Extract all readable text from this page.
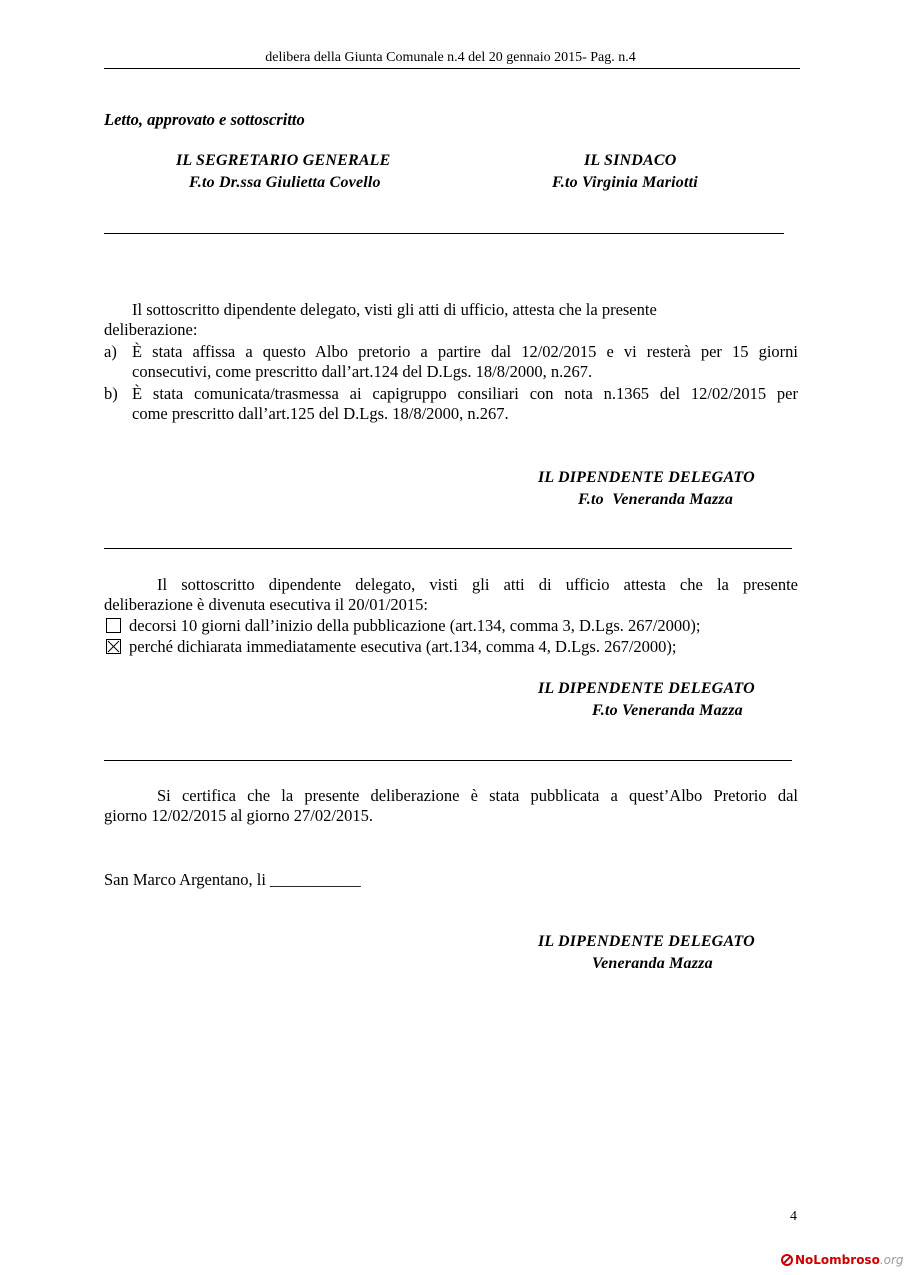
delibera della Giunta Comunale n.4 del 20 gennaio 2015- Pag. n.4
Letto, approvato e sottoscritto
IL SEGRETARIO GENERALE
F.to Dr.ssa Giulietta Covello
IL SINDACO
F.to Virginia Mariotti
Il sottoscritto dipendente delegato, visti gli atti di ufficio, attesta che la presente
deliberazione:
a) È stata affissa a questo Albo pretorio a partire dal 12/02/2015 e vi resterà per 15 giorni
consecutivi, come prescritto dall’art.124 del D.Lgs. 18/8/2000, n.267.
b) È stata comunicata/trasmessa ai capigruppo consiliari con nota n.1365 del 12/02/2015 per
come prescritto dall’art.125 del D.Lgs. 18/8/2000, n.267.
IL DIPENDENTE DELEGATO
F.to  Veneranda Mazza
Il sottoscritto dipendente delegato, visti gli atti di ufficio attesta che la presente
deliberazione è divenuta esecutiva il 20/01/2015:
decorsi 10 giorni dall’inizio della pubblicazione (art.134, comma 3, D.Lgs. 267/2000);
perché dichiarata immediatamente esecutiva (art.134, comma 4, D.Lgs. 267/2000);
IL DIPENDENTE DELEGATO
F.to Veneranda Mazza
Si certifica che la presente deliberazione è stata pubblicata a quest’Albo Pretorio dal
giorno 12/02/2015 al giorno 27/02/2015.
San Marco Argentano, li ___________
IL DIPENDENTE DELEGATO
Veneranda Mazza
4
NoLombroso.org
